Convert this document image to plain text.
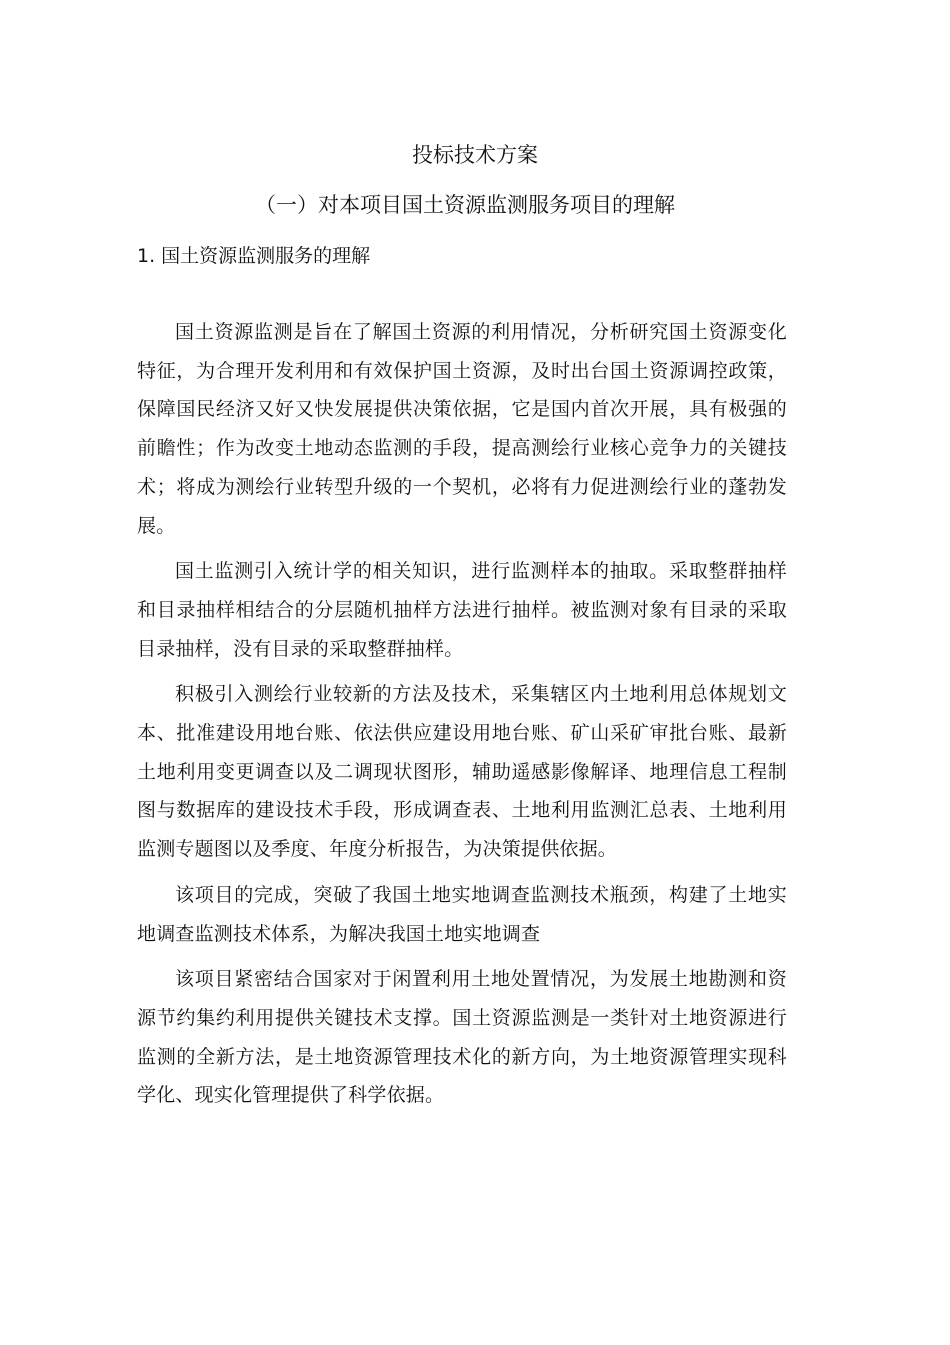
投标技术方案
（一）对本项目国土资源监测服务项目的理解
1. 国土资源监测服务的理解

国土资源监测是旨在了解国土资源的利用情况，分析研究国土资源变化特征，为合理开发利用和有效保护国土资源，及时出台国土资源调控政策，保障国民经济又好又快发展提供决策依据，它是国内首次开展，具有极强的前瞻性；作为改变土地动态监测的手段，提高测绘行业核心竞争力的关键技术；将成为测绘行业转型升级的一个契机，必将有力促进测绘行业的蓬勃发展。

国土监测引入统计学的相关知识，进行监测样本的抽取。采取整群抽样和目录抽样相结合的分层随机抽样方法进行抽样。被监测对象有目录的采取目录抽样，没有目录的采取整群抽样。

积极引入测绘行业较新的方法及技术，采集辖区内土地利用总体规划文本、批准建设用地台账、依法供应建设用地台账、矿山采矿审批台账、最新土地利用变更调查以及二调现状图形，辅助遥感影像解译、地理信息工程制图与数据库的建设技术手段，形成调查表、土地利用监测汇总表、土地利用监测专题图以及季度、年度分析报告，为决策提供依据。

该项目的完成，突破了我国土地实地调查监测技术瓶颈，构建了土地实地调查监测技术体系，为解决我国土地实地调查

该项目紧密结合国家对于闲置利用土地处置情况，为发展土地勘测和资源节约集约利用提供关键技术支撑。国土资源监测是一类针对土地资源进行监测的全新方法，是土地资源管理技术化的新方向，为土地资源管理实现科学化、现实化管理提供了科学依据。
